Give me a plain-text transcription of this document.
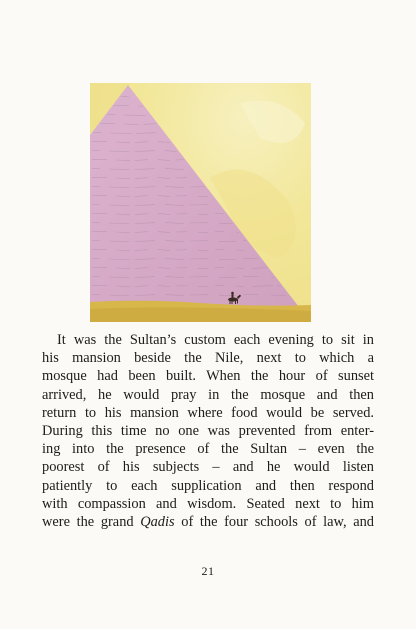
It was the Sultan’s custom each evening to sit in
his mansion beside the Nile, next to which a
mosque had been built. When the hour of sunset
arrived, he would pray in the mosque and then
return to his mansion where food would be served.
During this time no one was prevented from enter-
ing into the presence of the Sultan – even the
poorest of his subjects – and he would listen
patiently to each supplication and then respond
with compassion and wisdom. Seated next to him
were the grand Qadis of the four schools of law, and

21
